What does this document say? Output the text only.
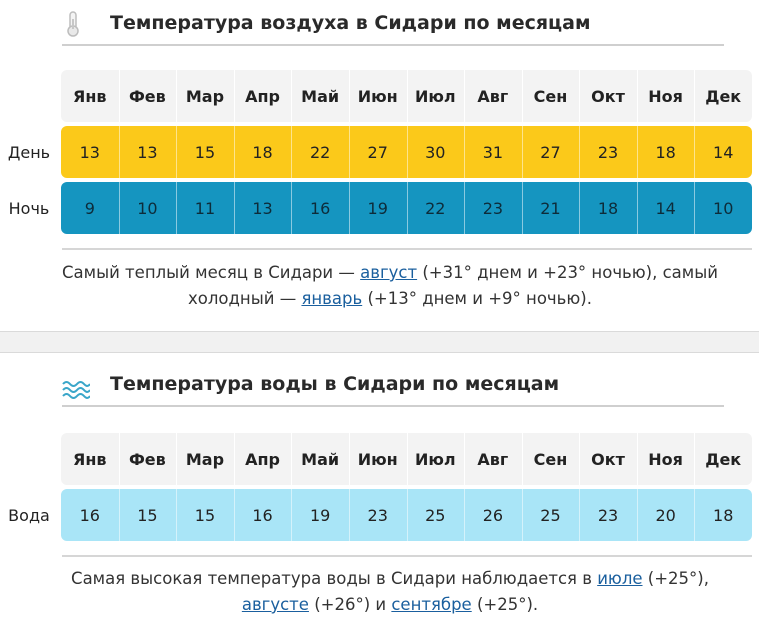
Температура воздуха в Сидари по месяцам
Янв	Фев	Мар	Апр	Май	Июн	Июл	Авг	Сен	Окт	Ноя	Дек
День	13	13	15	18	22	27	30	31	27	23	18	14
Ночь	9	10	11	13	16	19	22	23	21	18	14	10
Самый теплый месяц в Сидари — август (+31° днем и +23° ночью), самый холодный — январь (+13° днем и +9° ночью).
Температура воды в Сидари по месяцам
Янв	Фев	Мар	Апр	Май	Июн	Июл	Авг	Сен	Окт	Ноя	Дек
Вода	16	15	15	16	19	23	25	26	25	23	20	18
Самая высокая температура воды в Сидари наблюдается в июле (+25°),
августе (+26°) и сентябре (+25°).
